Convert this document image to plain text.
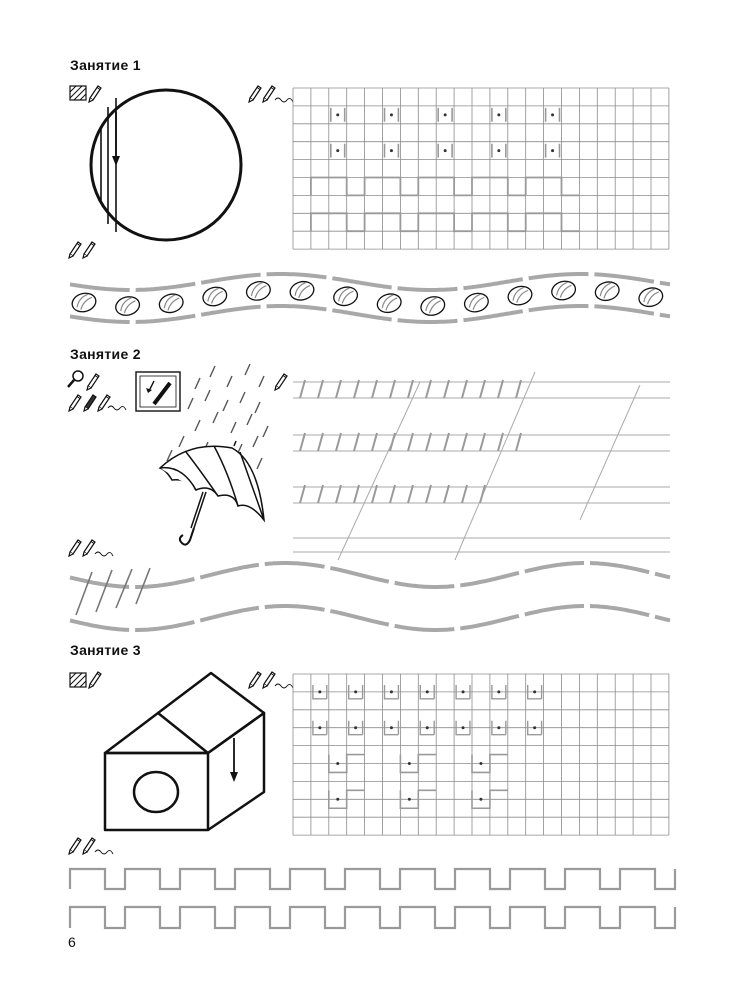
Занятие 1
Занятие 2
Занятие 3
6
